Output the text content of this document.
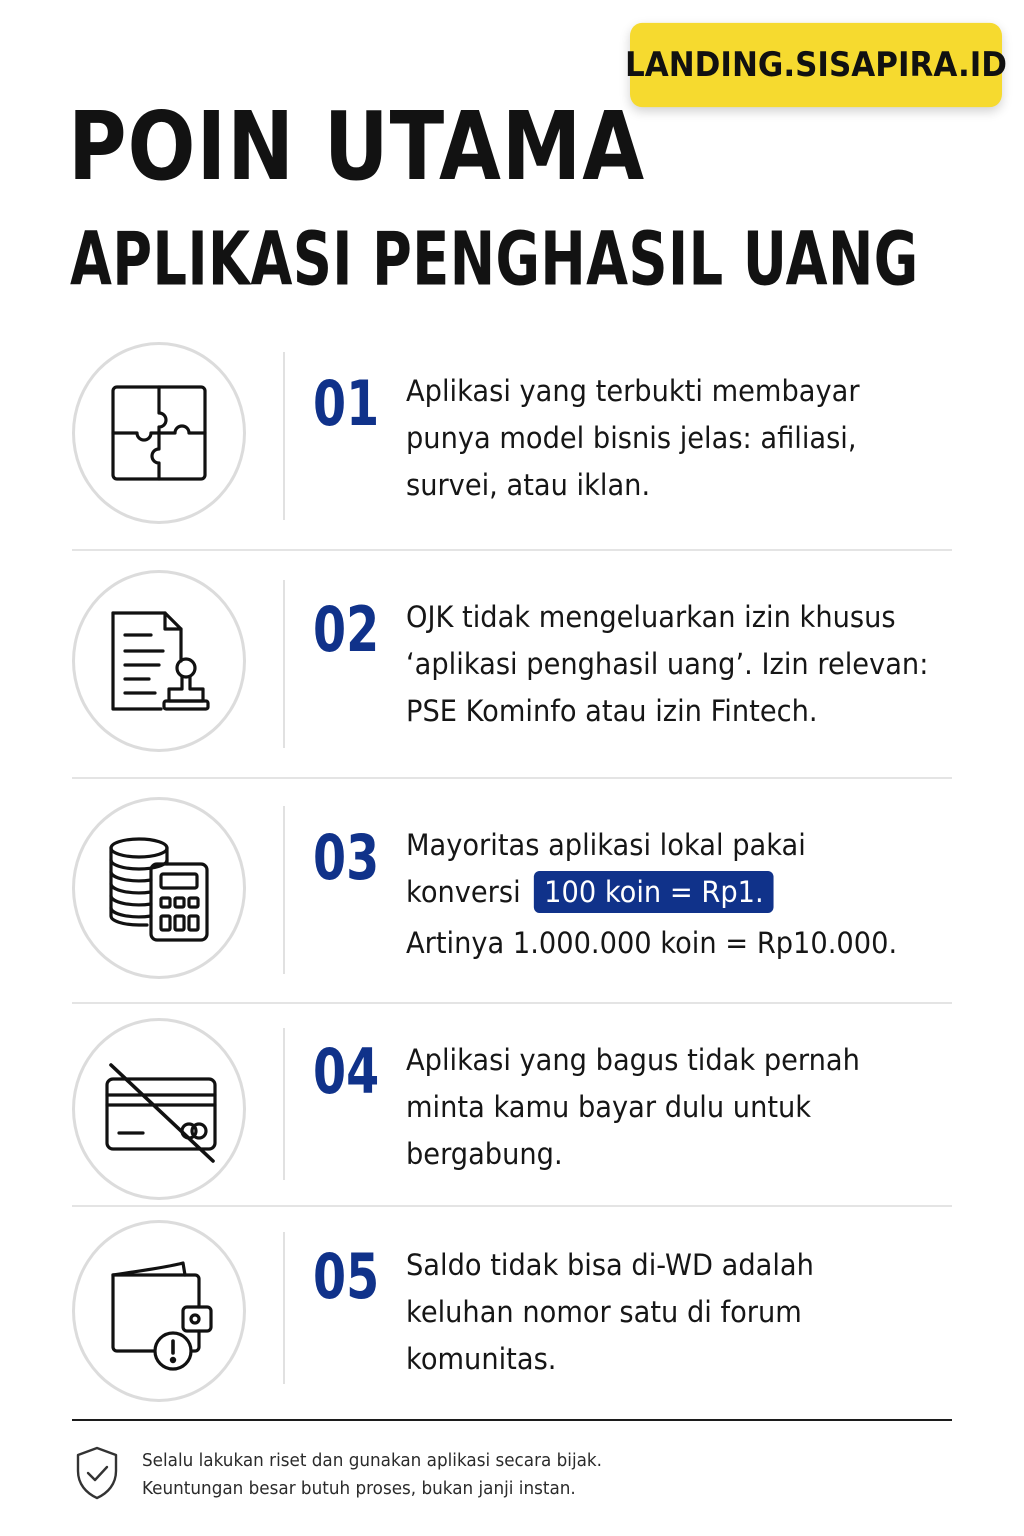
LANDING.SISAPIRA.ID
POIN UTAMA
APLIKASI PENGHASIL UANG
01 Aplikasi yang terbukti membayar

punya model bisnis jelas: afiliasi,

survei, atau iklan.

02 OJK tidak mengeluarkan izin khusus

‘aplikasi penghasil uang’. Izin relevan:

PSE Kominfo atau izin Fintech.

03 Mayoritas aplikasi lokal pakai

konversi 100 koin = Rp1.

Artinya 1.000.000 koin = Rp10.000.

04 Aplikasi yang bagus tidak pernah

minta kamu bayar dulu untuk

bergabung.

05 Saldo tidak bisa di-WD adalah

keluhan nomor satu di forum

komunitas.

Selalu lakukan riset dan gunakan aplikasi secara bijak.

Keuntungan besar butuh proses, bukan janji instan.
